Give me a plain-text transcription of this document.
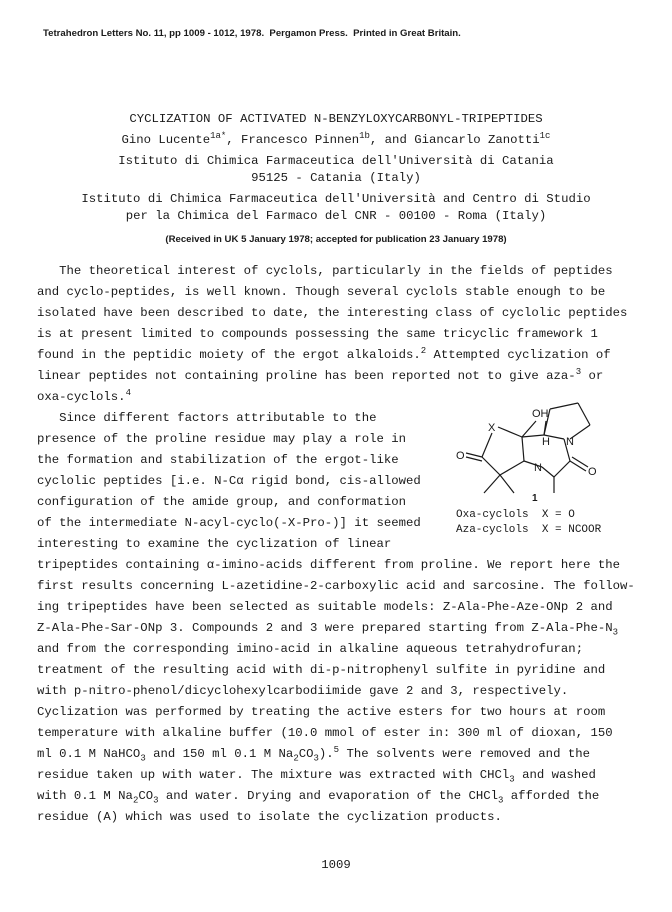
Tetrahedron Letters No. 11, pp 1009 - 1012, 1978.  Pergamon Press.  Printed in Great Britain.
CYCLIZATION OF ACTIVATED N-BENZYLOXYCARBONYL-TRIPEPTIDES
Gino Lucente$^{1a*}$, Francesco Pinnen$^{1b}$, and Giancarlo Zanotti$^{1c}$
Istituto di Chimica Farmaceutica dell'Università di Catania
95125 - Catania (Italy)
Istituto di Chimica Farmaceutica dell'Università and Centro di Studio
per la Chimica del Farmaco del CNR - 00100 - Roma (Italy)
(Received in UK 5 January 1978; accepted for publication 23 January 1978)
The theoretical interest of cyclols, particularly in the fields of peptides
and cyclo-peptides, is well known. Though several cyclols stable enough to be
isolated have been described to date, the interesting class of cyclolic peptides
is at present limited to compounds possessing the same tricyclic framework 1
found in the peptidic moiety of the ergot alkaloids.$^2$ Attempted cyclization of
linear peptides not containing proline has been reported not to give aza-$^3$ or
oxa-cyclols.$^4$
Since different factors attributable to the
presence of the proline residue may play a role in
the formation and stabilization of the ergot-like
cyclolic peptides [i.e. N-Cα rigid bond, cis-allowed
configuration of the amide group, and conformation
of the intermediate N-acyl-cyclo(-X-Pro-)] it seemed
interesting to examine the cyclization of linear
X
OH
H N
N
O
O
1
Oxa-cyclols  X = O
Aza-cyclols  X = NCOOR
tripeptides containing α-imino-acids different from proline. We report here the
first results concerning L-azetidine-2-carboxylic acid and sarcosine. The follow-
ing tripeptides have been selected as suitable models: Z-Ala-Phe-Aze-ONp 2 and
Z-Ala-Phe-Sar-ONp 3. Compounds 2 and 3 were prepared starting from $Z-Ala-Phe-N_3$
and from the corresponding imino-acid in alkaline aqueous tetrahydrofuran;
treatment of the resulting acid with di-p-nitrophenyl sulfite in pyridine and
with p-nitro-phenol/dicyclohexylcarbodiimide gave 2 and 3, respectively.
Cyclization was performed by treating the active esters for two hours at room
temperature with alkaline buffer (10.0 mmol of ester in: 300 ml of dioxan, 150
ml 0.1 M NaHCO$_3$ and 150 ml 0.1 M $Na_2CO_3).^5$ The solvents were removed and the
residue taken up with water. The mixture was extracted with CHCl$_3$ and washed
with 0.1 M $Na_2CO_3$ and water. Drying and evaporation of the CHCl$_3$ afforded the
residue (A) which was used to isolate the cyclization products.
1009
